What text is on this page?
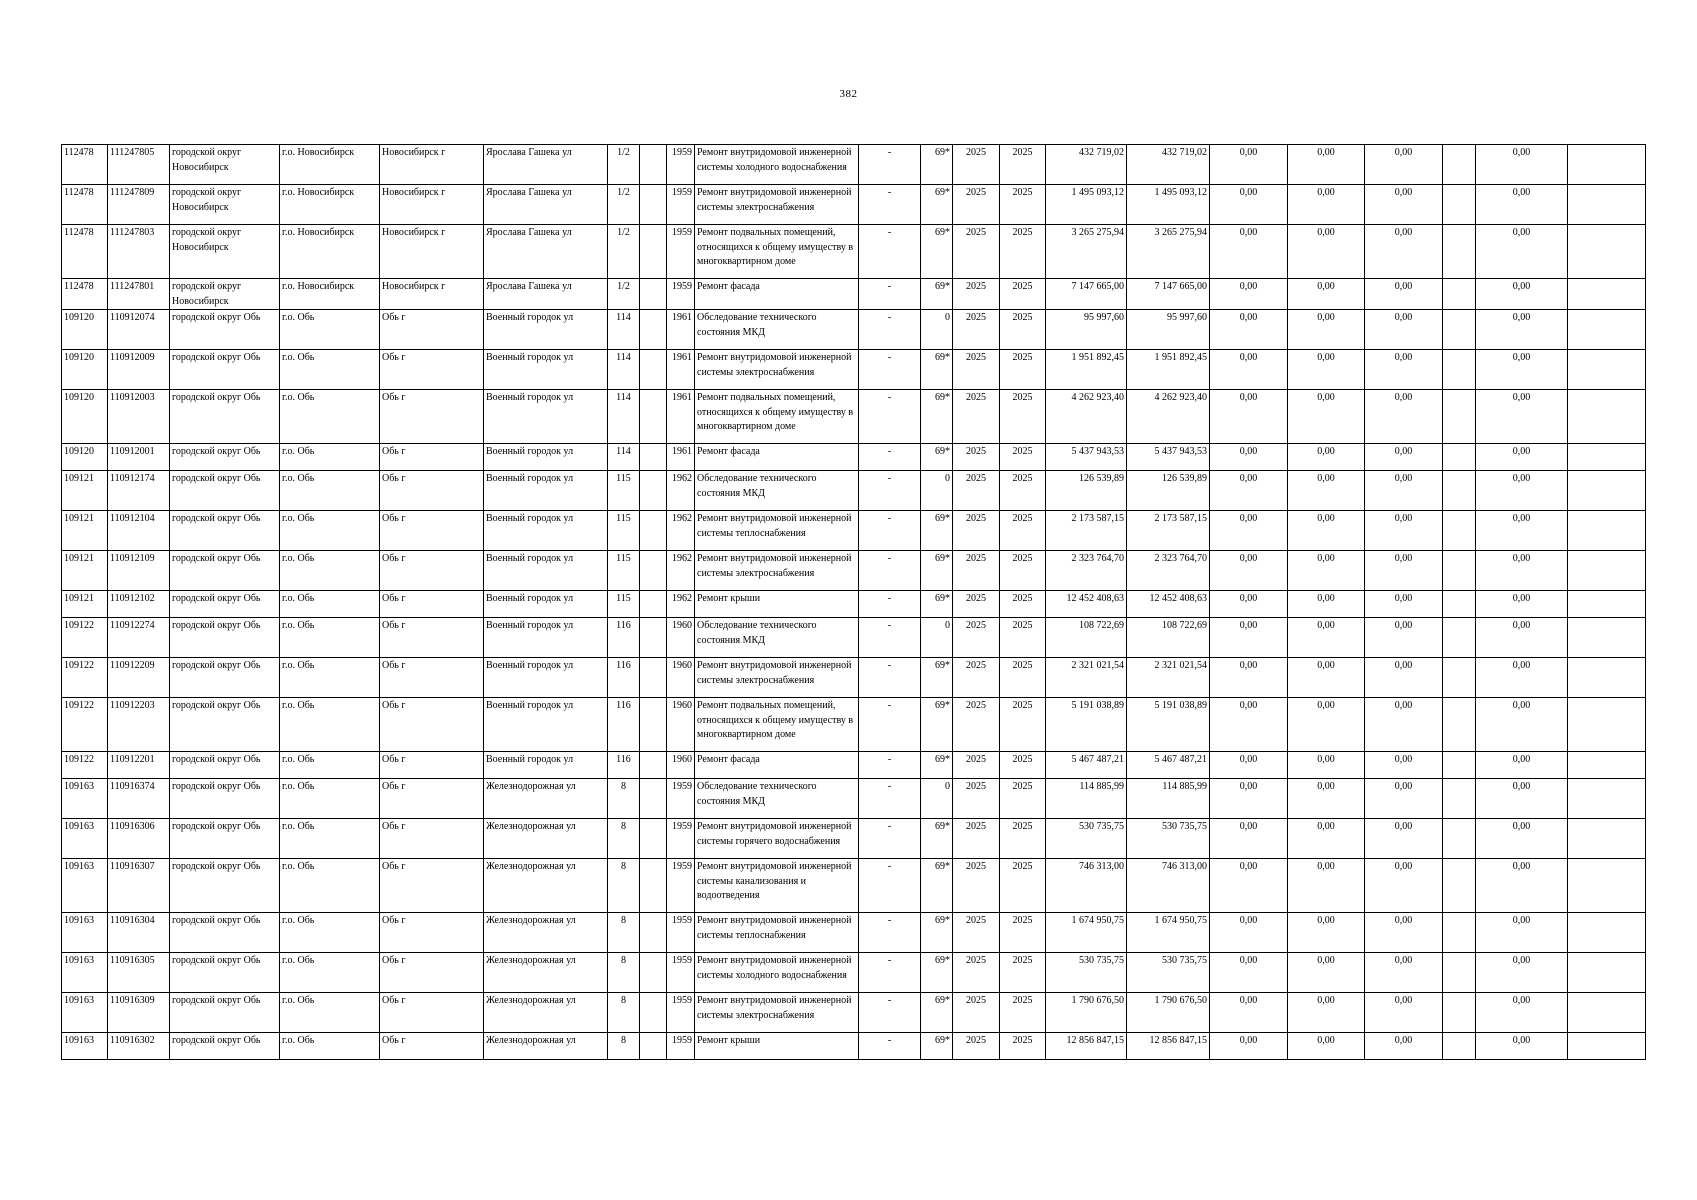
382
112478	111247805	городской округ Новосибирск	г.о. Новосибирск	Новосибирск г	Ярослава Гашека ул	1/2		1959	Ремонт внутридомовой инженерной системы холодного водоснабжения	-	69*	2025	2025	432 719,02	432 719,02	0,00	0,00	0,00		0,00	
112478	111247809	городской округ Новосибирск	г.о. Новосибирск	Новосибирск г	Ярослава Гашека ул	1/2		1959	Ремонт внутридомовой инженерной системы электроснабжения	-	69*	2025	2025	1 495 093,12	1 495 093,12	0,00	0,00	0,00		0,00	
112478	111247803	городской округ Новосибирск	г.о. Новосибирск	Новосибирск г	Ярослава Гашека ул	1/2		1959	Ремонт подвальных помещений, относящихся к общему имуществу в многоквартирном доме	-	69*	2025	2025	3 265 275,94	3 265 275,94	0,00	0,00	0,00		0,00	
112478	111247801	городской округ Новосибирск	г.о. Новосибирск	Новосибирск г	Ярослава Гашека ул	1/2		1959	Ремонт фасада	-	69*	2025	2025	7 147 665,00	7 147 665,00	0,00	0,00	0,00		0,00	
109120	110912074	городской округ Обь	г.о. Обь	Обь г	Военный городок ул	114		1961	Обследование технического состояния МКД	-	0	2025	2025	95 997,60	95 997,60	0,00	0,00	0,00		0,00	
109120	110912009	городской округ Обь	г.о. Обь	Обь г	Военный городок ул	114		1961	Ремонт внутридомовой инженерной системы электроснабжения	-	69*	2025	2025	1 951 892,45	1 951 892,45	0,00	0,00	0,00		0,00	
109120	110912003	городской округ Обь	г.о. Обь	Обь г	Военный городок ул	114		1961	Ремонт подвальных помещений, относящихся к общему имуществу в многоквартирном доме	-	69*	2025	2025	4 262 923,40	4 262 923,40	0,00	0,00	0,00		0,00	
109120	110912001	городской округ Обь	г.о. Обь	Обь г	Военный городок ул	114		1961	Ремонт фасада	-	69*	2025	2025	5 437 943,53	5 437 943,53	0,00	0,00	0,00		0,00	
109121	110912174	городской округ Обь	г.о. Обь	Обь г	Военный городок ул	115		1962	Обследование технического состояния МКД	-	0	2025	2025	126 539,89	126 539,89	0,00	0,00	0,00		0,00	
109121	110912104	городской округ Обь	г.о. Обь	Обь г	Военный городок ул	115		1962	Ремонт внутридомовой инженерной системы теплоснабжения	-	69*	2025	2025	2 173 587,15	2 173 587,15	0,00	0,00	0,00		0,00	
109121	110912109	городской округ Обь	г.о. Обь	Обь г	Военный городок ул	115		1962	Ремонт внутридомовой инженерной системы электроснабжения	-	69*	2025	2025	2 323 764,70	2 323 764,70	0,00	0,00	0,00		0,00	
109121	110912102	городской округ Обь	г.о. Обь	Обь г	Военный городок ул	115		1962	Ремонт крыши	-	69*	2025	2025	12 452 408,63	12 452 408,63	0,00	0,00	0,00		0,00	
109122	110912274	городской округ Обь	г.о. Обь	Обь г	Военный городок ул	116		1960	Обследование технического состояния МКД	-	0	2025	2025	108 722,69	108 722,69	0,00	0,00	0,00		0,00	
109122	110912209	городской округ Обь	г.о. Обь	Обь г	Военный городок ул	116		1960	Ремонт внутридомовой инженерной системы электроснабжения	-	69*	2025	2025	2 321 021,54	2 321 021,54	0,00	0,00	0,00		0,00	
109122	110912203	городской округ Обь	г.о. Обь	Обь г	Военный городок ул	116		1960	Ремонт подвальных помещений, относящихся к общему имуществу в многоквартирном доме	-	69*	2025	2025	5 191 038,89	5 191 038,89	0,00	0,00	0,00		0,00	
109122	110912201	городской округ Обь	г.о. Обь	Обь г	Военный городок ул	116		1960	Ремонт фасада	-	69*	2025	2025	5 467 487,21	5 467 487,21	0,00	0,00	0,00		0,00	
109163	110916374	городской округ Обь	г.о. Обь	Обь г	Железнодорожная ул	8		1959	Обследование технического состояния МКД	-	0	2025	2025	114 885,99	114 885,99	0,00	0,00	0,00		0,00	
109163	110916306	городской округ Обь	г.о. Обь	Обь г	Железнодорожная ул	8		1959	Ремонт внутридомовой инженерной системы горячего водоснабжения	-	69*	2025	2025	530 735,75	530 735,75	0,00	0,00	0,00		0,00	
109163	110916307	городской округ Обь	г.о. Обь	Обь г	Железнодорожная ул	8		1959	Ремонт внутридомовой инженерной системы канализования и водоотведения	-	69*	2025	2025	746 313,00	746 313,00	0,00	0,00	0,00		0,00	
109163	110916304	городской округ Обь	г.о. Обь	Обь г	Железнодорожная ул	8		1959	Ремонт внутридомовой инженерной системы теплоснабжения	-	69*	2025	2025	1 674 950,75	1 674 950,75	0,00	0,00	0,00		0,00	
109163	110916305	городской округ Обь	г.о. Обь	Обь г	Железнодорожная ул	8		1959	Ремонт внутридомовой инженерной системы холодного водоснабжения	-	69*	2025	2025	530 735,75	530 735,75	0,00	0,00	0,00		0,00	
109163	110916309	городской округ Обь	г.о. Обь	Обь г	Железнодорожная ул	8		1959	Ремонт внутридомовой инженерной системы электроснабжения	-	69*	2025	2025	1 790 676,50	1 790 676,50	0,00	0,00	0,00		0,00	
109163	110916302	городской округ Обь	г.о. Обь	Обь г	Железнодорожная ул	8		1959	Ремонт крыши	-	69*	2025	2025	12 856 847,15	12 856 847,15	0,00	0,00	0,00		0,00	
